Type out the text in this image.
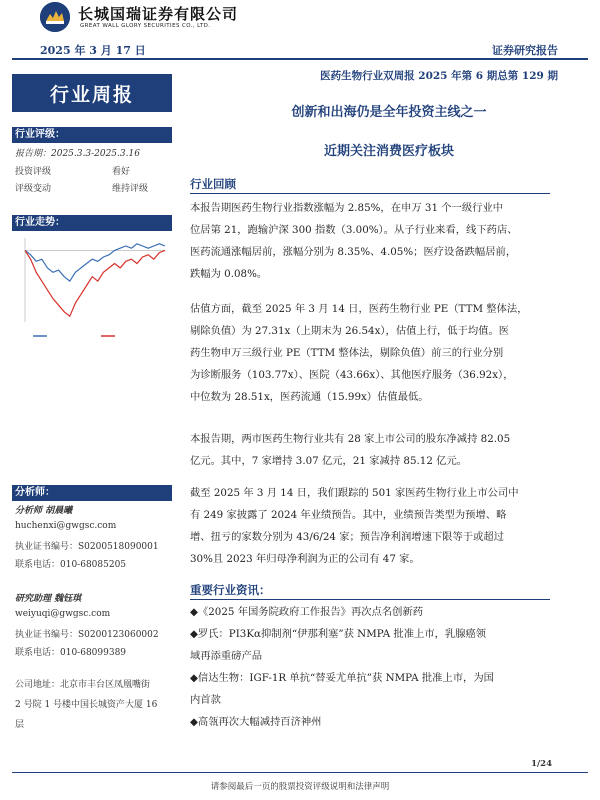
长城国瑞证券有限公司
GREAT WALL GLORY SECURITIES CO., LTD.
2025 年 3 月 17 日	证券研究报告
医药生物行业双周报 2025 年第 6 期总第 129 期
行业周报
行业评级：
报告期：2025.3.3-2025.3.16
投资评级	看好
评级变动	维持评级
行业走势：
分析师：
分析师 胡晨曦
huchenxi@gwgsc.com
执业证书编号：S0200518090001
联系电话：010-68085205
研究助理 魏钰琪
weiyuqi@gwgsc.com
执业证书编号：S0200123060002
联系电话：010-68099389
公司地址：北京市丰台区凤凰嘴街
2 号院 1 号楼中国长城资产大厦 16
层
创新和出海仍是全年投资主线之一
近期关注消费医疗板块
行业回顾
本报告期医药生物行业指数涨幅为 2.85%，在申万 31 个一级行业中
位居第 21，跑输沪深 300 指数（3.00%）。从子行业来看，线下药店、
医药流通涨幅居前，涨幅分别为 8.35%、4.05%；医疗设备跌幅居前，
跌幅为 0.08%。
估值方面，截至 2025 年 3 月 14 日，医药生物行业 PE（TTM 整体法，
剔除负值）为 27.31x（上期末为 26.54x），估值上行，低于均值。医
药生物申万三级行业 PE（TTM 整体法，剔除负值）前三的行业分别
为诊断服务（103.77x）、医院（43.66x）、其他医疗服务（36.92x），
中位数为 28.51x，医药流通（15.99x）估值最低。
本报告期，两市医药生物行业共有 28 家上市公司的股东净减持 82.05
亿元。其中，7 家增持 3.07 亿元，21 家减持 85.12 亿元。
截至 2025 年 3 月 14 日，我们跟踪的 501 家医药生物行业上市公司中
有 249 家披露了 2024 年业绩预告。其中，业绩预告类型为预增、略
增、扭亏的家数分别为 43/6/24 家；预告净利润增速下限等于或超过
30%且 2023 年归母净利润为正的公司有 47 家。
重要行业资讯：
◆《2025 年国务院政府工作报告》再次点名创新药
◆罗氏：PI3Kα抑制剂“伊那利塞”获 NMPA 批准上市，乳腺癌领
域再添重磅产品
◆信达生物：IGF-1R 单抗“替妥尤单抗”获 NMPA 批准上市，为国
内首款
◆高瓴再次大幅减持百济神州
1/24
请参阅最后一页的股票投资评级说明和法律声明
